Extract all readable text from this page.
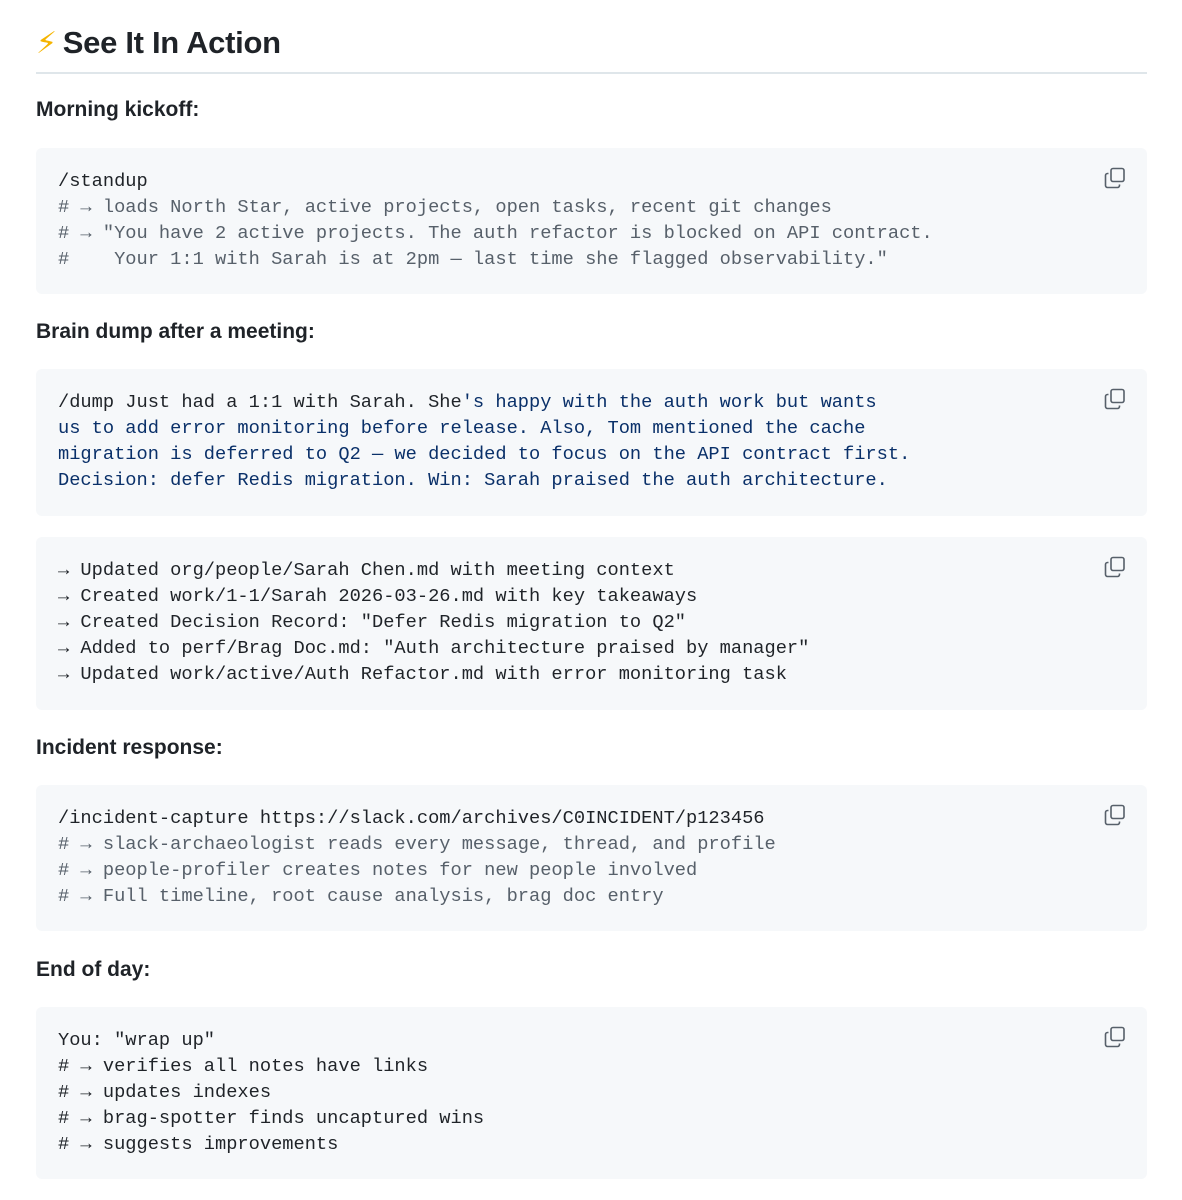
⚡ See It In Action
Morning kickoff:
/standup
# → loads North Star, active projects, open tasks, recent git changes
# → "You have 2 active projects. The auth refactor is blocked on API contract.
#    Your 1:1 with Sarah is at 2pm — last time she flagged observability."
Brain dump after a meeting:
/dump Just had a 1:1 with Sarah. She's happy with the auth work but wants
us to add error monitoring before release. Also, Tom mentioned the cache
migration is deferred to Q2 — we decided to focus on the API contract first.
Decision: defer Redis migration. Win: Sarah praised the auth architecture.
→ Updated org/people/Sarah Chen.md with meeting context
→ Created work/1-1/Sarah 2026-03-26.md with key takeaways
→ Created Decision Record: "Defer Redis migration to Q2"
→ Added to perf/Brag Doc.md: "Auth architecture praised by manager"
→ Updated work/active/Auth Refactor.md with error monitoring task
Incident response:
/incident-capture https://slack.com/archives/C0INCIDENT/p123456
# → slack-archaeologist reads every message, thread, and profile
# → people-profiler creates notes for new people involved
# → Full timeline, root cause analysis, brag doc entry
End of day:
You: "wrap up"
# → verifies all notes have links
# → updates indexes
# → brag-spotter finds uncaptured wins
# → suggests improvements
